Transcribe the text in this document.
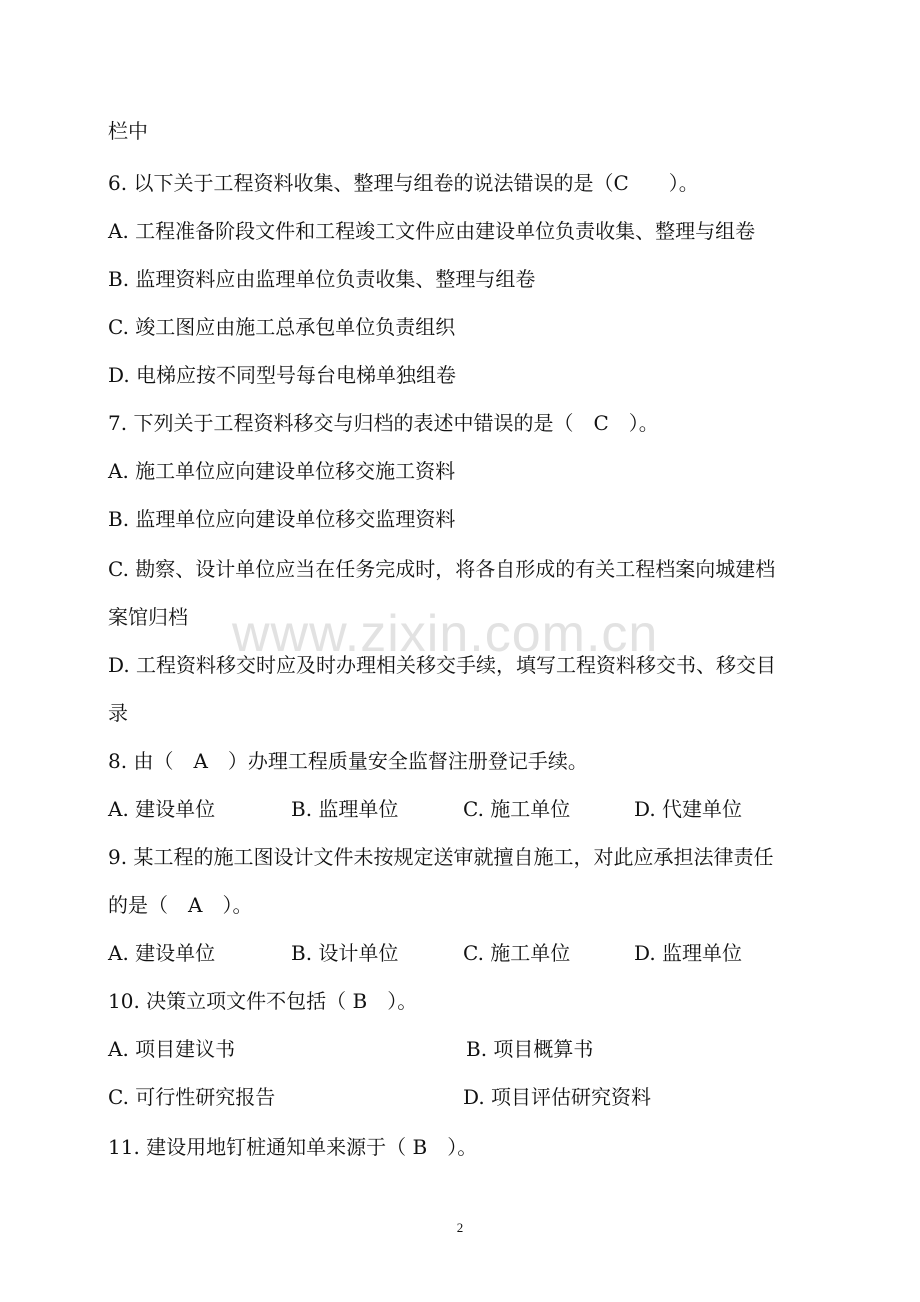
栏中
6. 以下关于工程资料收集、整理与组卷的说法错误的是（C　　）。
A. 工程准备阶段文件和工程竣工文件应由建设单位负责收集、整理与组卷
B. 监理资料应由监理单位负责收集、整理与组卷
C. 竣工图应由施工总承包单位负责组织
D. 电梯应按不同型号每台电梯单独组卷
7. 下列关于工程资料移交与归档的表述中错误的是（　C　）。
A. 施工单位应向建设单位移交施工资料
B. 监理单位应向建设单位移交监理资料
C. 勘察、设计单位应当在任务完成时，将各自形成的有关工程档案向城建档
案馆归档
D. 工程资料移交时应及时办理相关移交手续，填写工程资料移交书、移交目
录
8. 由（　A　）办理工程质量安全监督注册登记手续。
A. 建设单位	B. 监理单位	C. 施工单位	D. 代建单位
9. 某工程的施工图设计文件未按规定送审就擅自施工，对此应承担法律责任
的是（　A　）。
A. 建设单位	B. 设计单位	C. 施工单位	D. 监理单位
10. 决策立项文件不包括（ B　）。
A. 项目建议书	B. 项目概算书
C. 可行性研究报告	D. 项目评估研究资料
11. 建设用地钉桩通知单来源于（ B　）。
www.zixin.com.cn
2
